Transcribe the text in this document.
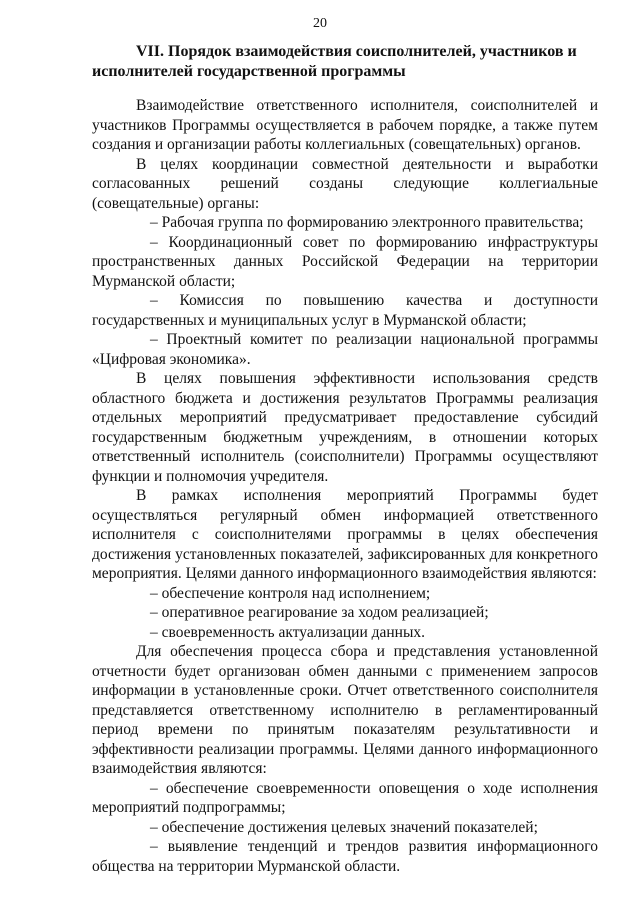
20
VII. Порядок взаимодействия соисполнителей, участников и исполнителей государственной программы

Взаимодействие ответственного исполнителя, соисполнителей и участников Программы осуществляется в рабочем порядке, а также путем создания и организации работы коллегиальных (совещательных) органов.

В целях координации совместной деятельности и выработки согласованных решений созданы следующие коллегиальные (совещательные) органы:

– Рабочая группа по формированию электронного правительства;

– Координационный совет по формированию инфраструктуры пространственных данных Российской Федерации на территории Мурманской области;

– Комиссия по повышению качества и доступности государственных и муниципальных услуг в Мурманской области;

– Проектный комитет по реализации национальной программы «Цифровая экономика».

В целях повышения эффективности использования средств областного бюджета и достижения результатов Программы реализация отдельных мероприятий предусматривает предоставление субсидий государственным бюджетным учреждениям, в отношении которых ответственный исполнитель (соисполнители) Программы осуществляют функции и полномочия учредителя.

В рамках исполнения мероприятий Программы будет осуществляться регулярный обмен информацией ответственного исполнителя с соисполнителями программы в целях обеспечения достижения установленных показателей, зафиксированных для конкретного мероприятия. Целями данного информационного взаимодействия являются:

– обеспечение контроля над исполнением;

– оперативное реагирование за ходом реализацией;

– своевременность актуализации данных.

Для обеспечения процесса сбора и представления установленной отчетности будет организован обмен данными с применением запросов информации в установленные сроки. Отчет ответственного соисполнителя представляется ответственному исполнителю в регламентированный период времени по принятым показателям результативности и эффективности реализации программы. Целями данного информационного взаимодействия являются:

– обеспечение своевременности оповещения о ходе исполнения мероприятий подпрограммы;

– обеспечение достижения целевых значений показателей;

– выявление тенденций и трендов развития информационного общества на территории Мурманской области.
